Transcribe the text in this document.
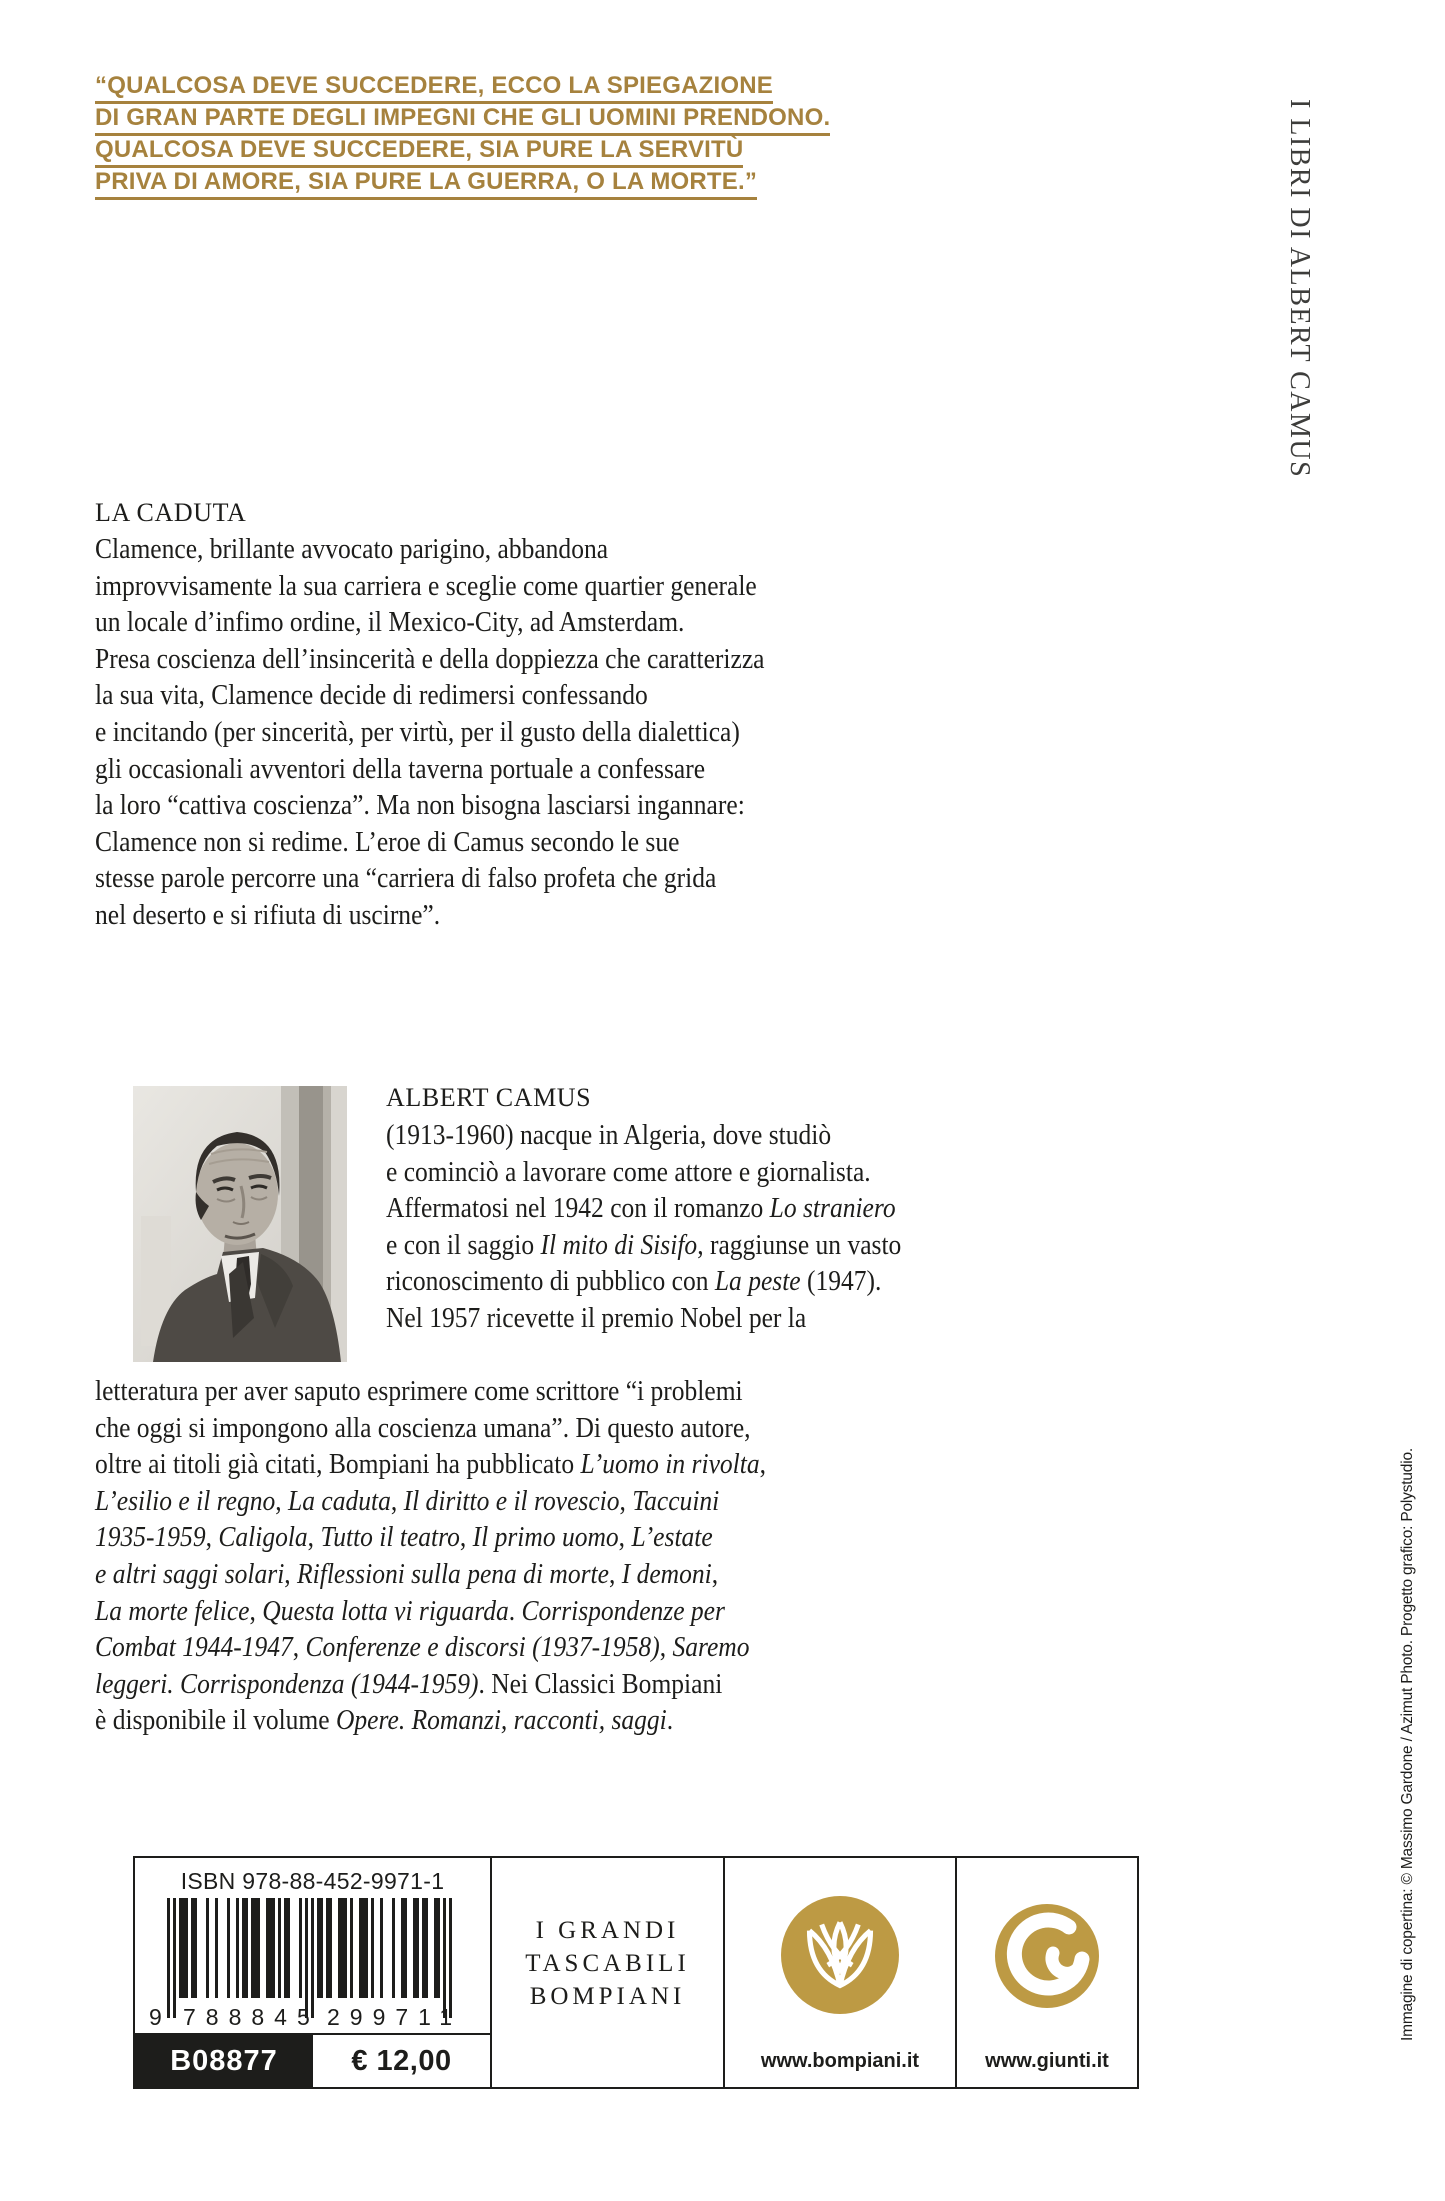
“QUALCOSA DEVE SUCCEDERE, ECCO LA SPIEGAZIONE
DI GRAN PARTE DEGLI IMPEGNI CHE GLI UOMINI PRENDONO.
QUALCOSA DEVE SUCCEDERE, SIA PURE LA SERVITÙ
PRIVA DI AMORE, SIA PURE LA GUERRA, O LA MORTE.”	I LIBRI DI ALBERT CAMUS
LA CADUTA
Clamence, brillante avvocato parigino, abbandona
improvvisamente la sua carriera e sceglie come quartier generale
un locale d’infimo ordine, il Mexico-City, ad Amsterdam.
Presa coscienza dell’insincerità e della doppiezza che caratterizza
la sua vita, Clamence decide di redimersi confessando
e incitando (per sincerità, per virtù, per il gusto della dialettica)
gli occasionali avventori della taverna portuale a confessare
la loro “cattiva coscienza”. Ma non bisogna lasciarsi ingannare:
Clamence non si redime. L’eroe di Camus secondo le sue
stesse parole percorre una “carriera di falso profeta che grida
nel deserto e si rifiuta di uscirne”.
ALBERT CAMUS
(1913-1960) nacque in Algeria, dove studiò
e cominciò a lavorare come attore e giornalista.
Affermatosi nel 1942 con il romanzo Lo straniero
e con il saggio Il mito di Sisifo, raggiunse un vasto
riconoscimento di pubblico con La peste (1947).
Nel 1957 ricevette il premio Nobel per la
letteratura per aver saputo esprimere come scrittore “i problemi
che oggi si impongono alla coscienza umana”. Di questo autore,
oltre ai titoli già citati, Bompiani ha pubblicato L’uomo in rivolta,
L’esilio e il regno, La caduta, Il diritto e il rovescio, Taccuini
1935-1959, Caligola, Tutto il teatro, Il primo uomo, L’estate
e altri saggi solari, Riflessioni sulla pena di morte, I demoni,
La morte felice, Questa lotta vi riguarda. Corrispondenze per
Combat 1944-1947, Conferenze e discorsi (1937-1958), Saremo
leggeri. Corrispondenza (1944-1959). Nei Classici Bompiani
è disponibile il volume Opere. Romanzi, racconti, saggi.
ISBN 978-88-452-9971-1
9 788845 299711
B08877	€ 12,00
I GRANDI
TASCABILI
BOMPIANI
www.bompiani.it	www.giunti.it
Immagine di copertina: © Massimo Gardone / Azimut Photo. Progetto grafico: Polystudio.
